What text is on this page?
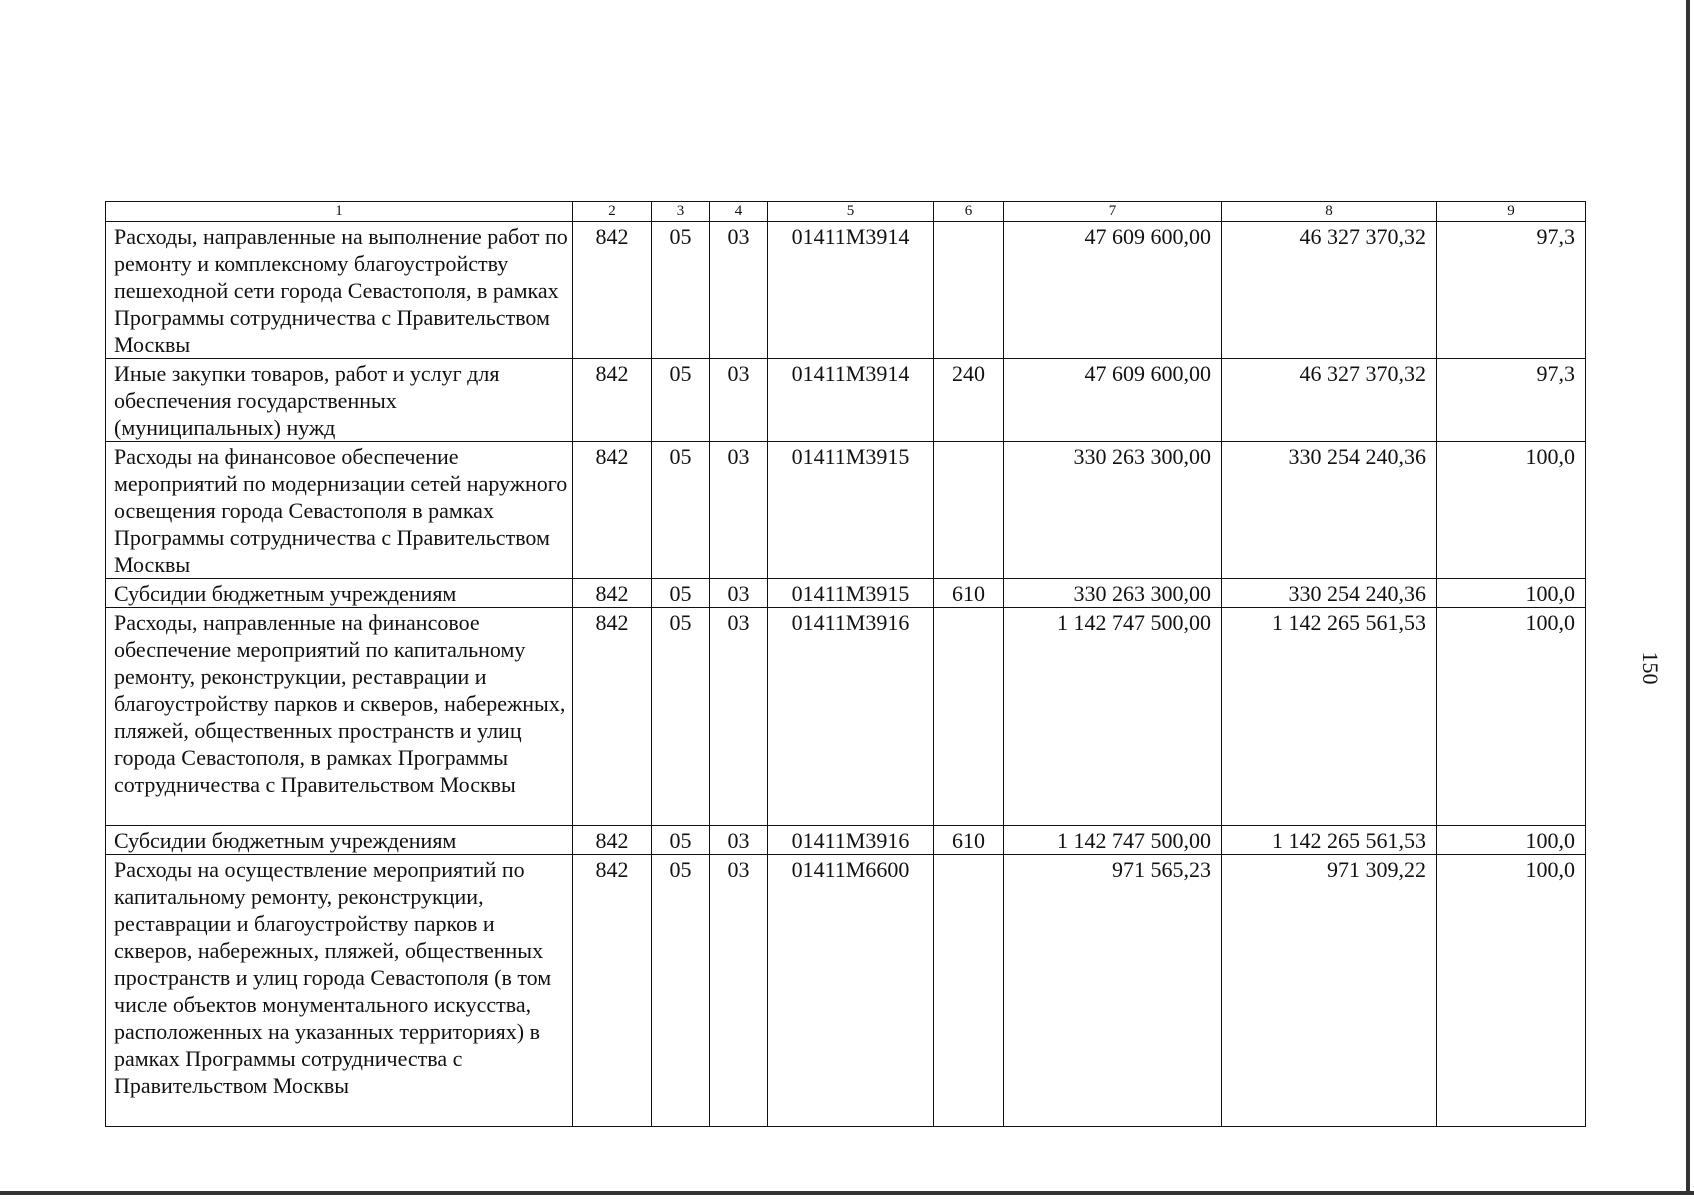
1	2	3	4	5	6	7	8	9
Расходы, направленные на выполнение работ по ремонту и комплексному благоустройству пешеходной сети города Севастополя, в рамках Программы сотрудничества с Правительством Москвы	842	05	03	01411М3914		47 609 600,00	46 327 370,32	97,3
Иные закупки товаров, работ и услуг для обеспечения государственных (муниципальных) нужд	842	05	03	01411М3914	240	47 609 600,00	46 327 370,32	97,3
Расходы на финансовое обеспечение мероприятий по модернизации сетей наружного освещения города Севастополя в рамках Программы сотрудничества с Правительством Москвы	842	05	03	01411М3915		330 263 300,00	330 254 240,36	100,0
Субсидии бюджетным учреждениям	842	05	03	01411М3915	610	330 263 300,00	330 254 240,36	100,0
Расходы, направленные на финансовое обеспечение мероприятий по капитальному ремонту, реконструкции, реставрации и благоустройству парков и скверов, набережных, пляжей, общественных пространств и улиц города Севастополя, в рамках Программы сотрудничества с Правительством Москвы	842	05	03	01411М3916		1 142 747 500,00	1 142 265 561,53	100,0
Субсидии бюджетным учреждениям	842	05	03	01411М3916	610	1 142 747 500,00	1 142 265 561,53	100,0
Расходы на осуществление мероприятий по капитальному ремонту, реконструкции, реставрации и благоустройству парков и скверов, набережных, пляжей, общественных пространств и улиц города Севастополя (в том числе объектов монументального искусства, расположенных на указанных территориях) в рамках Программы сотрудничества с Правительством Москвы	842	05	03	01411М6600		971 565,23	971 309,22	100,0
150
